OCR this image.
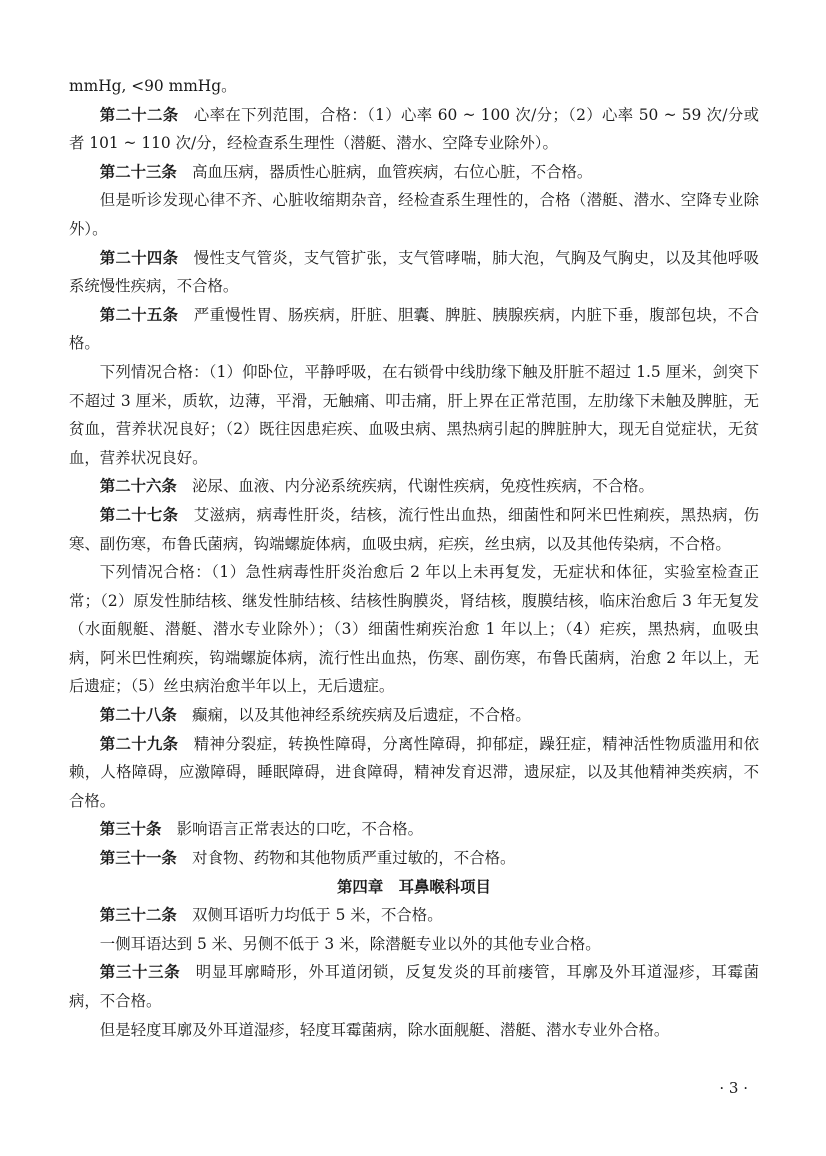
mmHg, <90 mmHg。

第二十二条 心率在下列范围，合格：（1）心率 60 ~ 100 次/分；（2）心率 50 ~ 59 次/分或者 101 ~ 110 次/分，经检查系生理性（潜艇、潜水、空降专业除外）。

第二十三条 高血压病，器质性心脏病，血管疾病，右位心脏，不合格。

但是听诊发现心律不齐、心脏收缩期杂音，经检查系生理性的，合格（潜艇、潜水、空降专业除外）。

第二十四条 慢性支气管炎，支气管扩张，支气管哮喘，肺大泡，气胸及气胸史，以及其他呼吸系统慢性疾病，不合格。

第二十五条 严重慢性胃、肠疾病，肝脏、胆囊、脾脏、胰腺疾病，内脏下垂，腹部包块，不合格。

下列情况合格：（1）仰卧位，平静呼吸，在右锁骨中线肋缘下触及肝脏不超过 1.5 厘米，剑突下不超过 3 厘米，质软，边薄，平滑，无触痛、叩击痛，肝上界在正常范围，左肋缘下未触及脾脏，无贫血，营养状况良好；（2）既往因患疟疾、血吸虫病、黑热病引起的脾脏肿大，现无自觉症状，无贫血，营养状况良好。

第二十六条 泌尿、血液、内分泌系统疾病，代谢性疾病，免疫性疾病，不合格。

第二十七条 艾滋病，病毒性肝炎，结核，流行性出血热，细菌性和阿米巴性痢疾，黑热病，伤寒、副伤寒，布鲁氏菌病，钩端螺旋体病，血吸虫病，疟疾，丝虫病，以及其他传染病，不合格。

下列情况合格：（1）急性病毒性肝炎治愈后 2 年以上未再复发，无症状和体征，实验室检查正常；（2）原发性肺结核、继发性肺结核、结核性胸膜炎，肾结核，腹膜结核，临床治愈后 3 年无复发（水面舰艇、潜艇、潜水专业除外）；（3）细菌性痢疾治愈 1 年以上；（4）疟疾，黑热病，血吸虫病，阿米巴性痢疾，钩端螺旋体病，流行性出血热，伤寒、副伤寒，布鲁氏菌病，治愈 2 年以上，无后遗症；（5）丝虫病治愈半年以上，无后遗症。

第二十八条 癫痫，以及其他神经系统疾病及后遗症，不合格。

第二十九条 精神分裂症，转换性障碍，分离性障碍，抑郁症，躁狂症，精神活性物质滥用和依赖，人格障碍，应激障碍，睡眠障碍，进食障碍，精神发育迟滞，遗尿症，以及其他精神类疾病，不合格。

第三十条 影响语言正常表达的口吃，不合格。

第三十一条 对食物、药物和其他物质严重过敏的，不合格。

第四章　耳鼻喉科项目

第三十二条 双侧耳语听力均低于 5 米，不合格。

一侧耳语达到 5 米、另侧不低于 3 米，除潜艇专业以外的其他专业合格。

第三十三条 明显耳廓畸形，外耳道闭锁，反复发炎的耳前瘘管，耳廓及外耳道湿疹，耳霉菌病，不合格。

但是轻度耳廓及外耳道湿疹，轻度耳霉菌病，除水面舰艇、潜艇、潜水专业外合格。

· 3 ·
